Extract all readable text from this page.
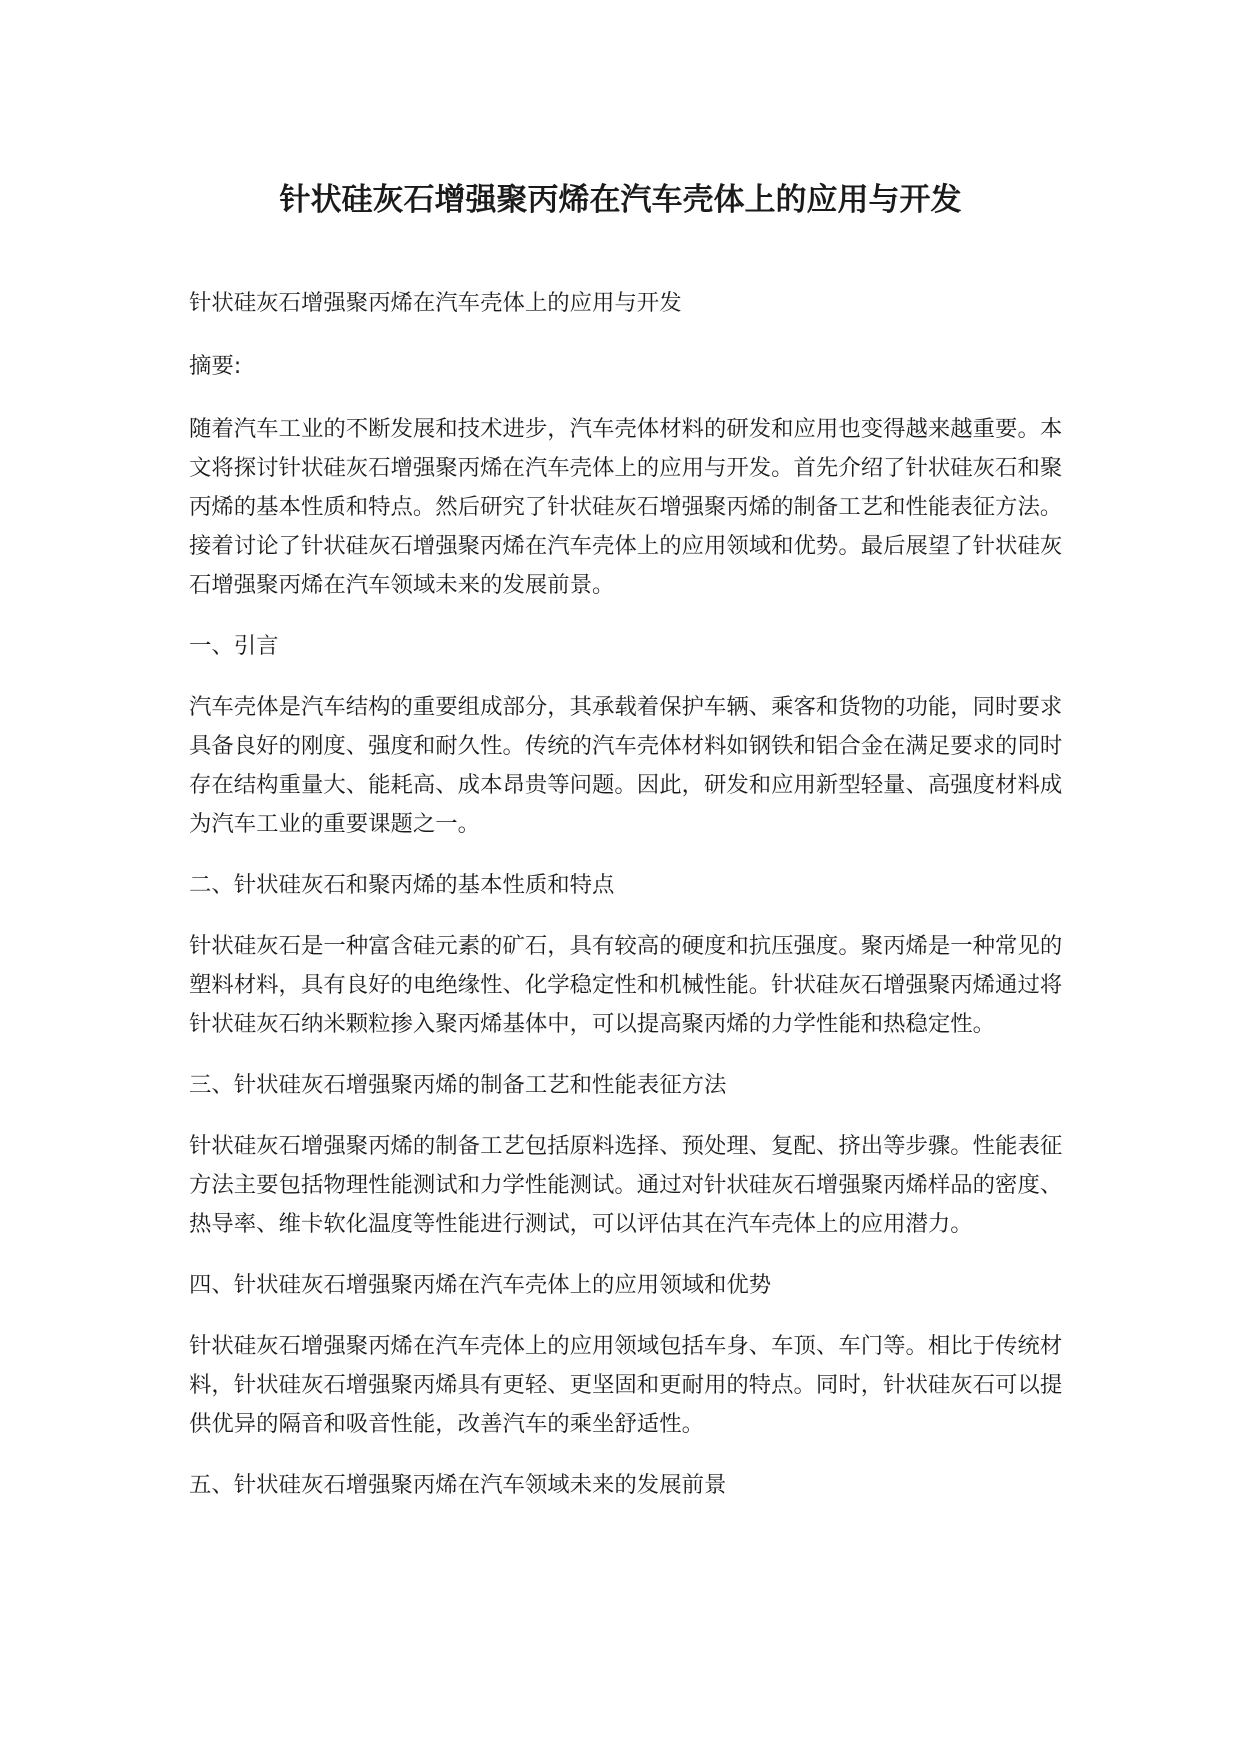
针状硅灰石增强聚丙烯在汽车壳体上的应用与开发

针状硅灰石增强聚丙烯在汽车壳体上的应用与开发

摘要:

随着汽车工业的不断发展和技术进步，汽车壳体材料的研发和应用也变得越来越重要。本文将探讨针状硅灰石增强聚丙烯在汽车壳体上的应用与开发。首先介绍了针状硅灰石和聚丙烯的基本性质和特点。然后研究了针状硅灰石增强聚丙烯的制备工艺和性能表征方法。接着讨论了针状硅灰石增强聚丙烯在汽车壳体上的应用领域和优势。最后展望了针状硅灰石增强聚丙烯在汽车领域未来的发展前景。

一、引言

汽车壳体是汽车结构的重要组成部分，其承载着保护车辆、乘客和货物的功能，同时要求具备良好的刚度、强度和耐久性。传统的汽车壳体材料如钢铁和铝合金在满足要求的同时存在结构重量大、能耗高、成本昂贵等问题。因此，研发和应用新型轻量、高强度材料成为汽车工业的重要课题之一。

二、针状硅灰石和聚丙烯的基本性质和特点

针状硅灰石是一种富含硅元素的矿石，具有较高的硬度和抗压强度。聚丙烯是一种常见的塑料材料，具有良好的电绝缘性、化学稳定性和机械性能。针状硅灰石增强聚丙烯通过将针状硅灰石纳米颗粒掺入聚丙烯基体中，可以提高聚丙烯的力学性能和热稳定性。

三、针状硅灰石增强聚丙烯的制备工艺和性能表征方法

针状硅灰石增强聚丙烯的制备工艺包括原料选择、预处理、复配、挤出等步骤。性能表征方法主要包括物理性能测试和力学性能测试。通过对针状硅灰石增强聚丙烯样品的密度、热导率、维卡软化温度等性能进行测试，可以评估其在汽车壳体上的应用潜力。

四、针状硅灰石增强聚丙烯在汽车壳体上的应用领域和优势

针状硅灰石增强聚丙烯在汽车壳体上的应用领域包括车身、车顶、车门等。相比于传统材料，针状硅灰石增强聚丙烯具有更轻、更坚固和更耐用的特点。同时，针状硅灰石可以提供优异的隔音和吸音性能，改善汽车的乘坐舒适性。

五、针状硅灰石增强聚丙烯在汽车领域未来的发展前景
